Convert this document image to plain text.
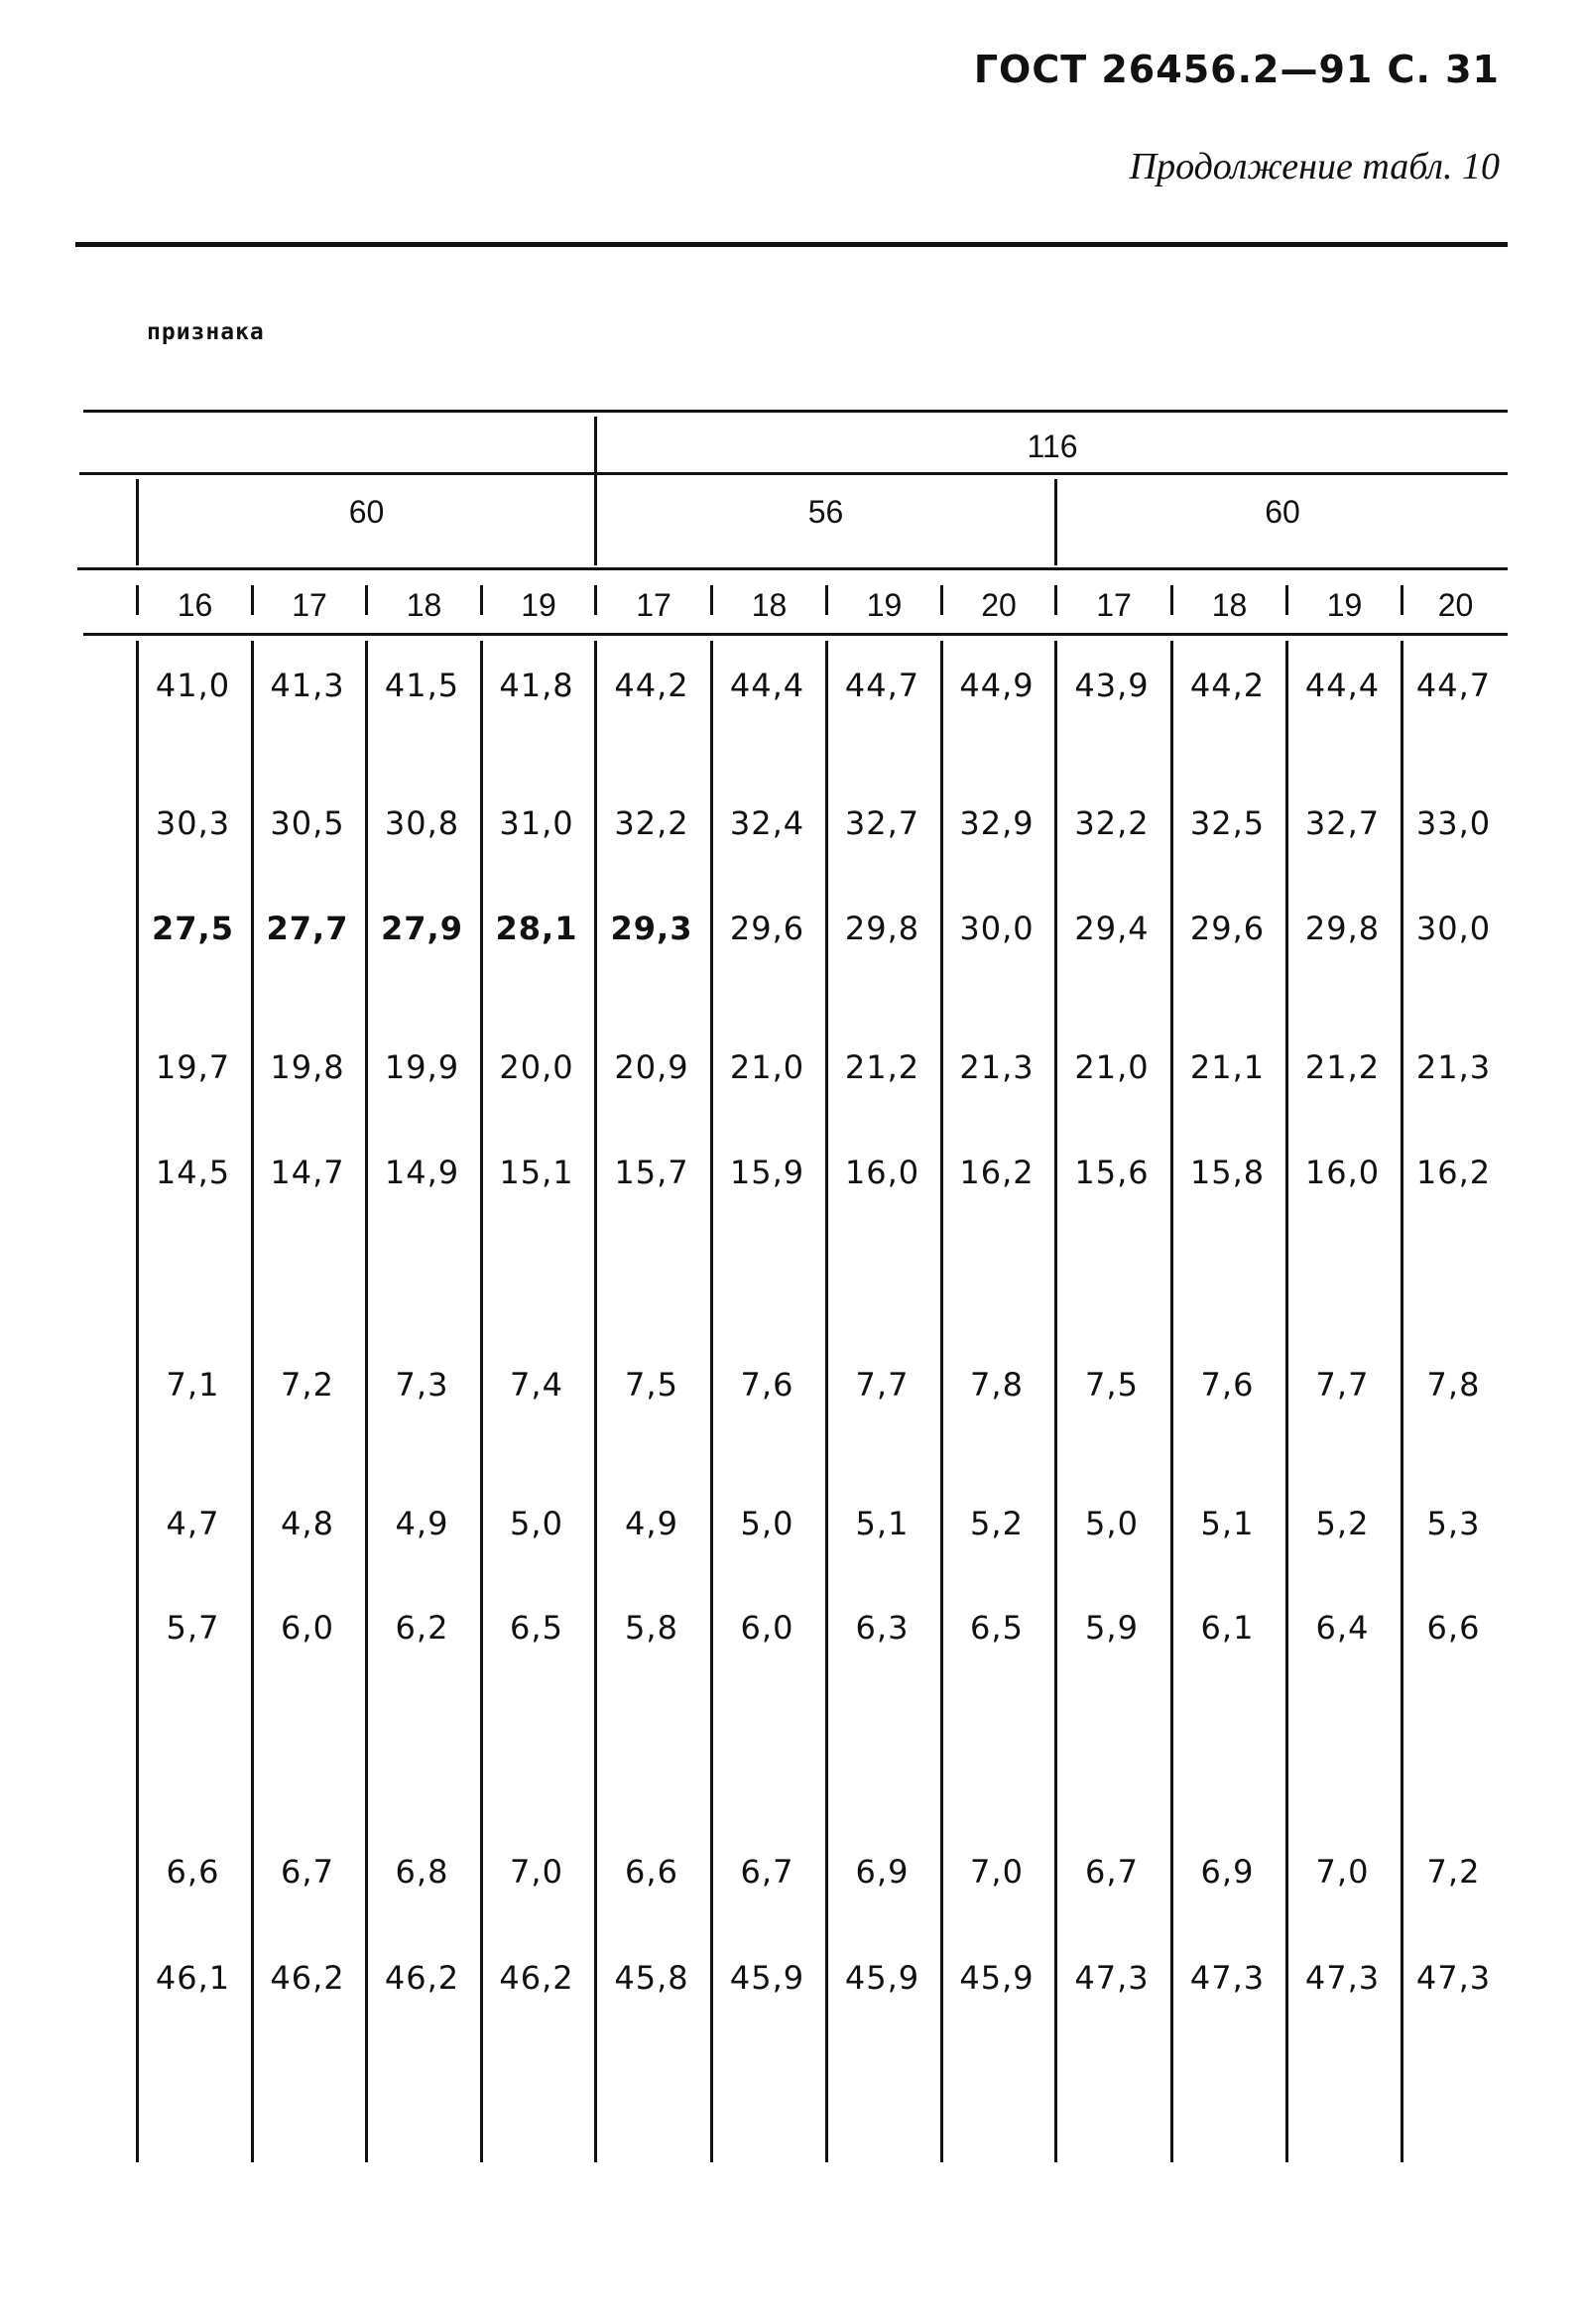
ГОСТ 26456.2—91 С. 31
Продолжение табл. 10
признака
116
60	56	60
16	17	18	19	17	18	19	20	17	18	19	20
41,0	41,3	41,5	41,8	44,2	44,4	44,7	44,9	43,9	44,2	44,4	44,7
30,3	30,5	30,8	31,0	32,2	32,4	32,7	32,9	32,2	32,5	32,7	33,0
27,5	27,7	27,9	28,1	29,3	29,6	29,8	30,0	29,4	29,6	29,8	30,0
19,7	19,8	19,9	20,0	20,9	21,0	21,2	21,3	21,0	21,1	21,2	21,3
14,5	14,7	14,9	15,1	15,7	15,9	16,0	16,2	15,6	15,8	16,0	16,2
7,1	7,2	7,3	7,4	7,5	7,6	7,7	7,8	7,5	7,6	7,7	7,8
4,7	4,8	4,9	5,0	4,9	5,0	5,1	5,2	5,0	5,1	5,2	5,3
5,7	6,0	6,2	6,5	5,8	6,0	6,3	6,5	5,9	6,1	6,4	6,6
6,6	6,7	6,8	7,0	6,6	6,7	6,9	7,0	6,7	6,9	7,0	7,2
46,1	46,2	46,2	46,2	45,8	45,9	45,9	45,9	47,3	47,3	47,3	47,3
